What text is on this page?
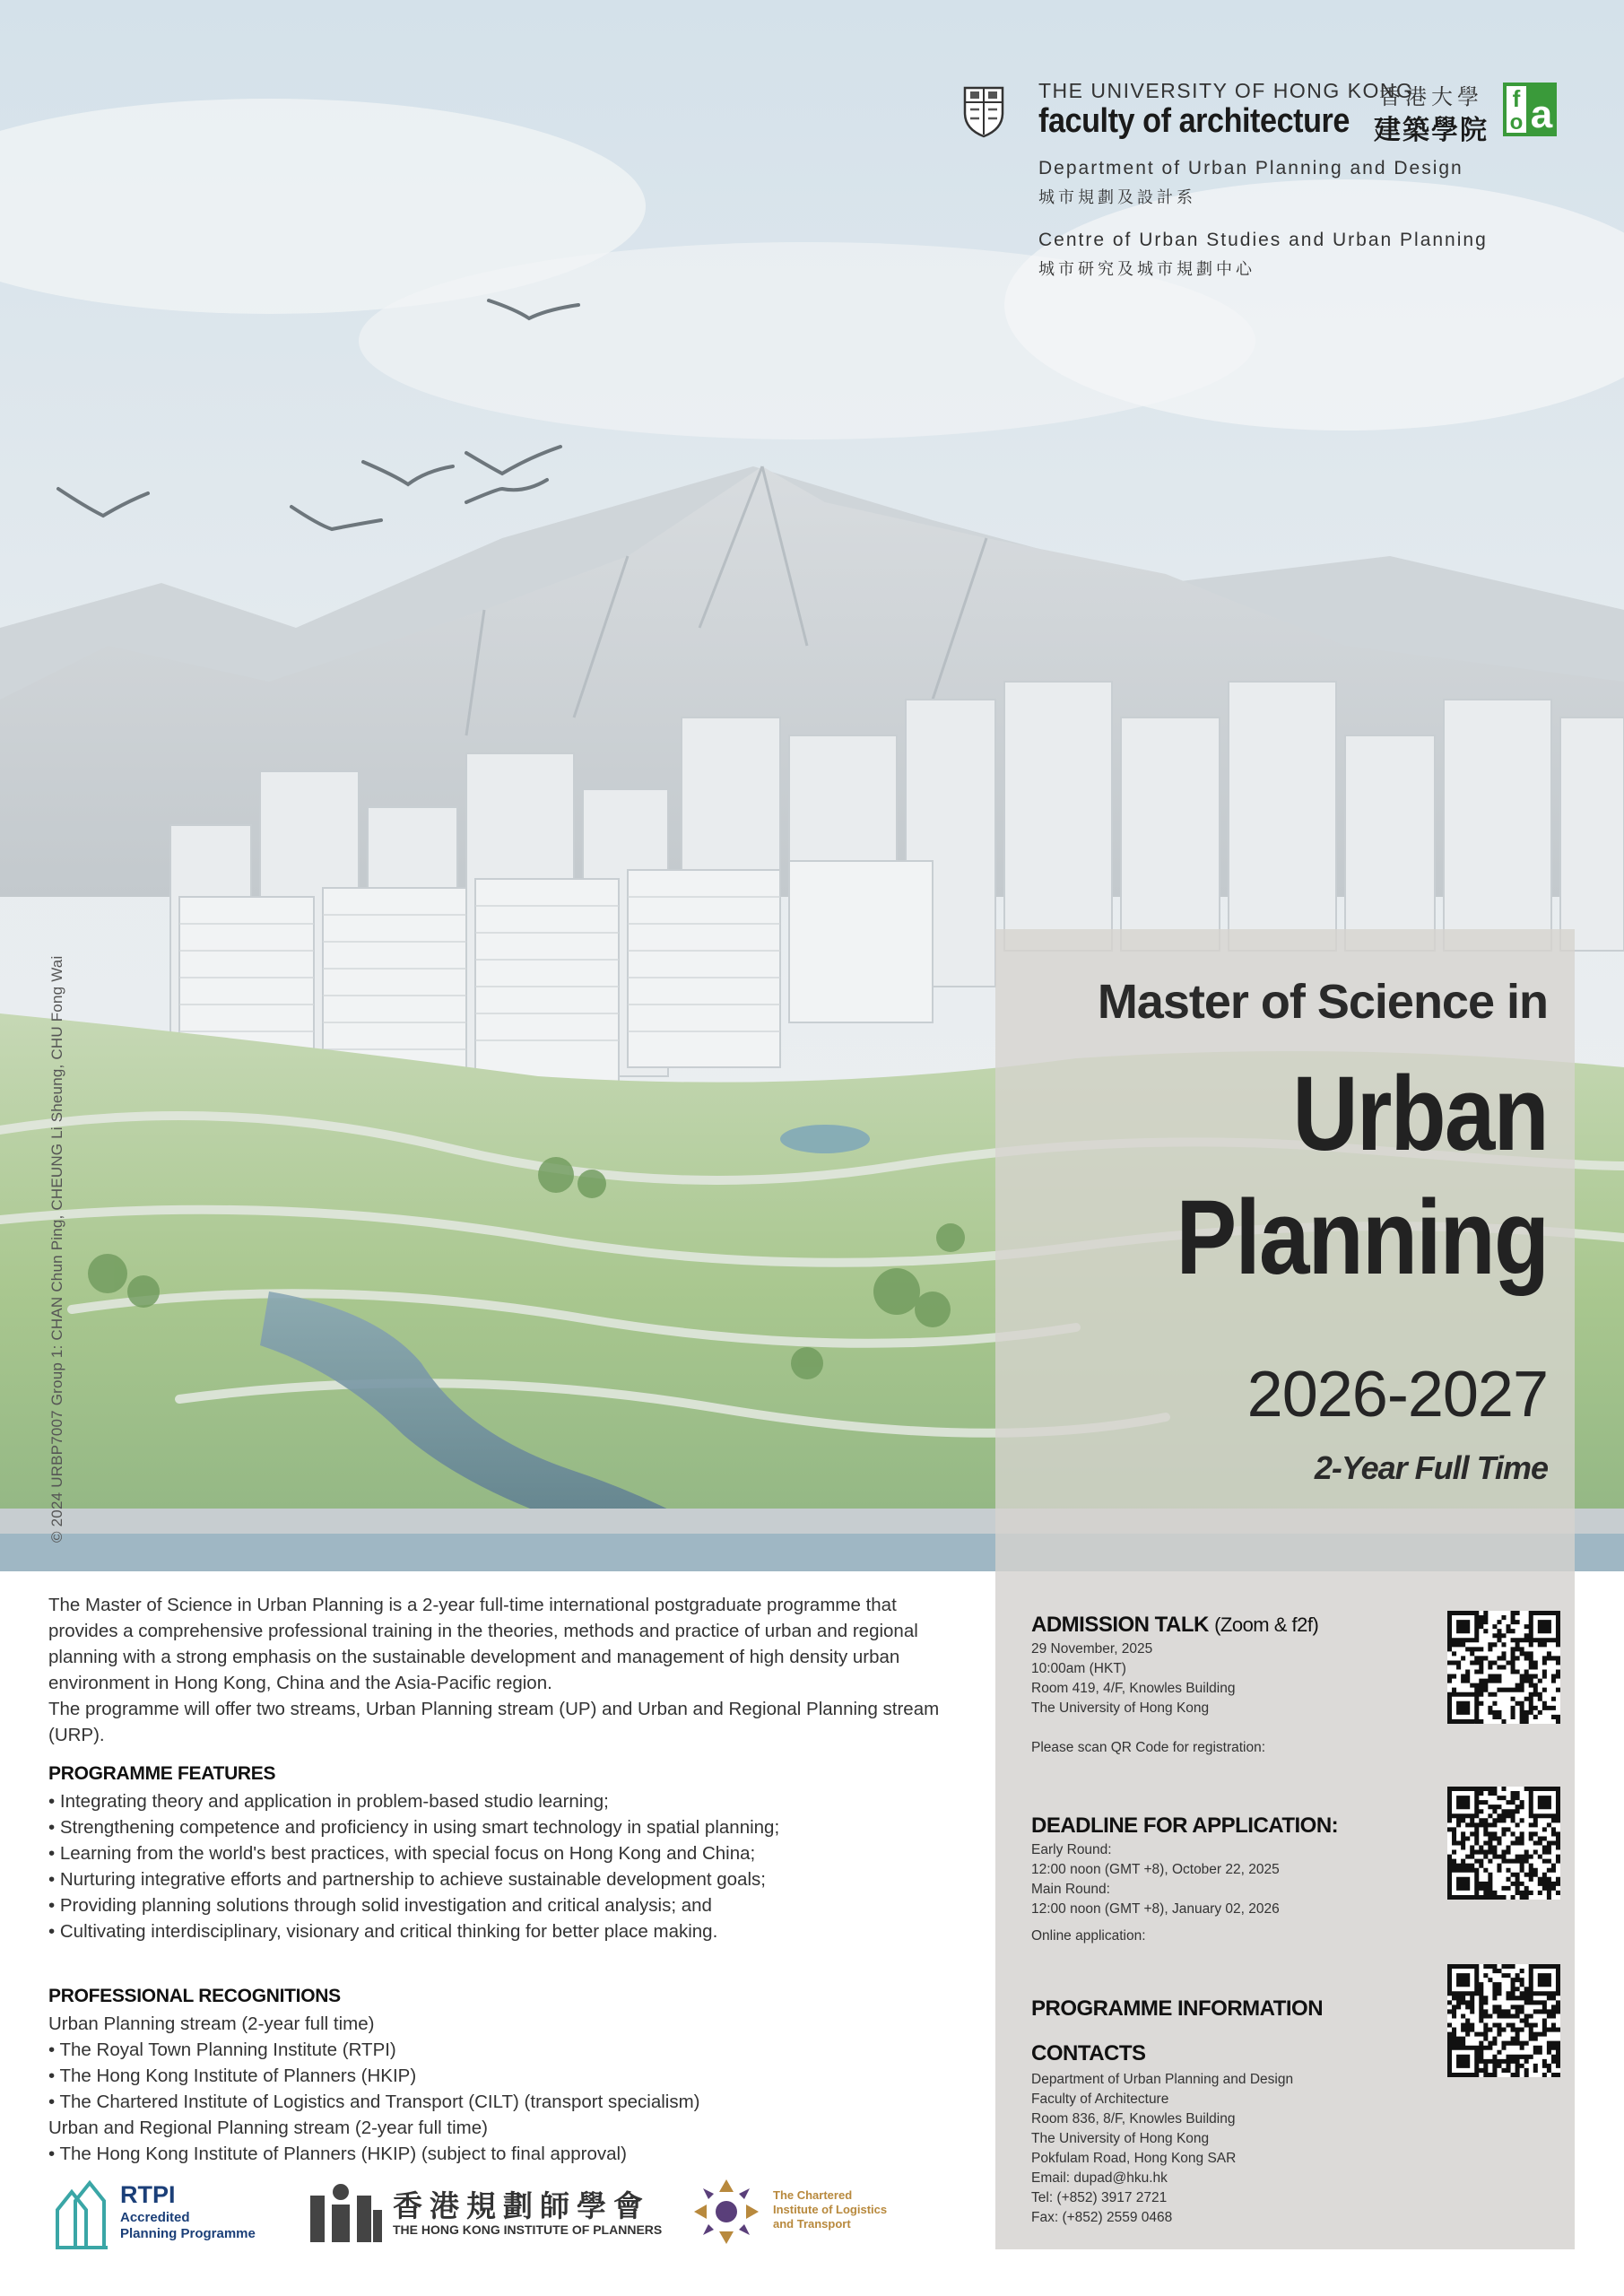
THE UNIVERSITY OF HONG KONG
faculty of architecture
香港大學
建築學院
f
o a
Department of Urban Planning and Design
城市規劃及設計系
Centre of Urban Studies and Urban Planning
城市研究及城市規劃中心
© 2024 URBP7007 Group 1: CHAN Chun Ping, CHEUNG Li Sheung, CHU Fong Wai	Master of Science in
Urban
Planning
2026-2027
2-Year Full Time

The Master of Science in Urban Planning is a 2-year full-time international postgraduate programme that provides a comprehensive professional training in the theories, methods and practice of urban and regional planning with a strong emphasis on the sustainable development and management of high density urban environment in Hong Kong, China and the Asia-Pacific region.

The programme will offer two streams, Urban Planning stream (UP) and Urban and Regional Planning stream (URP).

PROGRAMME FEATURES
• Integrating theory and application in problem-based studio learning;
• Strengthening competence and proficiency in using smart technology in spatial planning;
• Learning from the world's best practices, with special focus on Hong Kong and China;
• Nurturing integrative efforts and partnership to achieve sustainable development goals;
• Providing planning solutions through solid investigation and critical analysis; and
• Cultivating interdisciplinary, visionary and critical thinking for better place making.
PROFESSIONAL RECOGNITIONS
Urban Planning stream (2-year full time)
• The Royal Town Planning Institute (RTPI)
• The Hong Kong Institute of Planners (HKIP)
• The Chartered Institute of Logistics and Transport (CILT) (transport specialism)
Urban and Regional Planning stream (2-year full time)
• The Hong Kong Institute of Planners (HKIP) (subject to final approval)
RTPI
Accredited
Planning Programme
香港規劃師學會
THE HONG KONG INSTITUTE OF PLANNERS
The Chartered
Institute of Logistics
and Transport
ADMISSION TALK (Zoom & f2f)
29 November, 2025
10:00am (HKT)
Room 419, 4/F, Knowles Building
The University of Hong Kong
Please scan QR Code for registration:
DEADLINE FOR APPLICATION:
Early Round:
12:00 noon (GMT +8), October 22, 2025
Main Round:
12:00 noon (GMT +8), January 02, 2026
Online application:
PROGRAMME INFORMATION
CONTACTS
Department of Urban Planning and Design
Faculty of Architecture
Room 836, 8/F, Knowles Building
The University of Hong Kong
Pokfulam Road, Hong Kong SAR
Email: dupad@hku.hk
Tel: (+852) 3917 2721
Fax: (+852) 2559 0468
